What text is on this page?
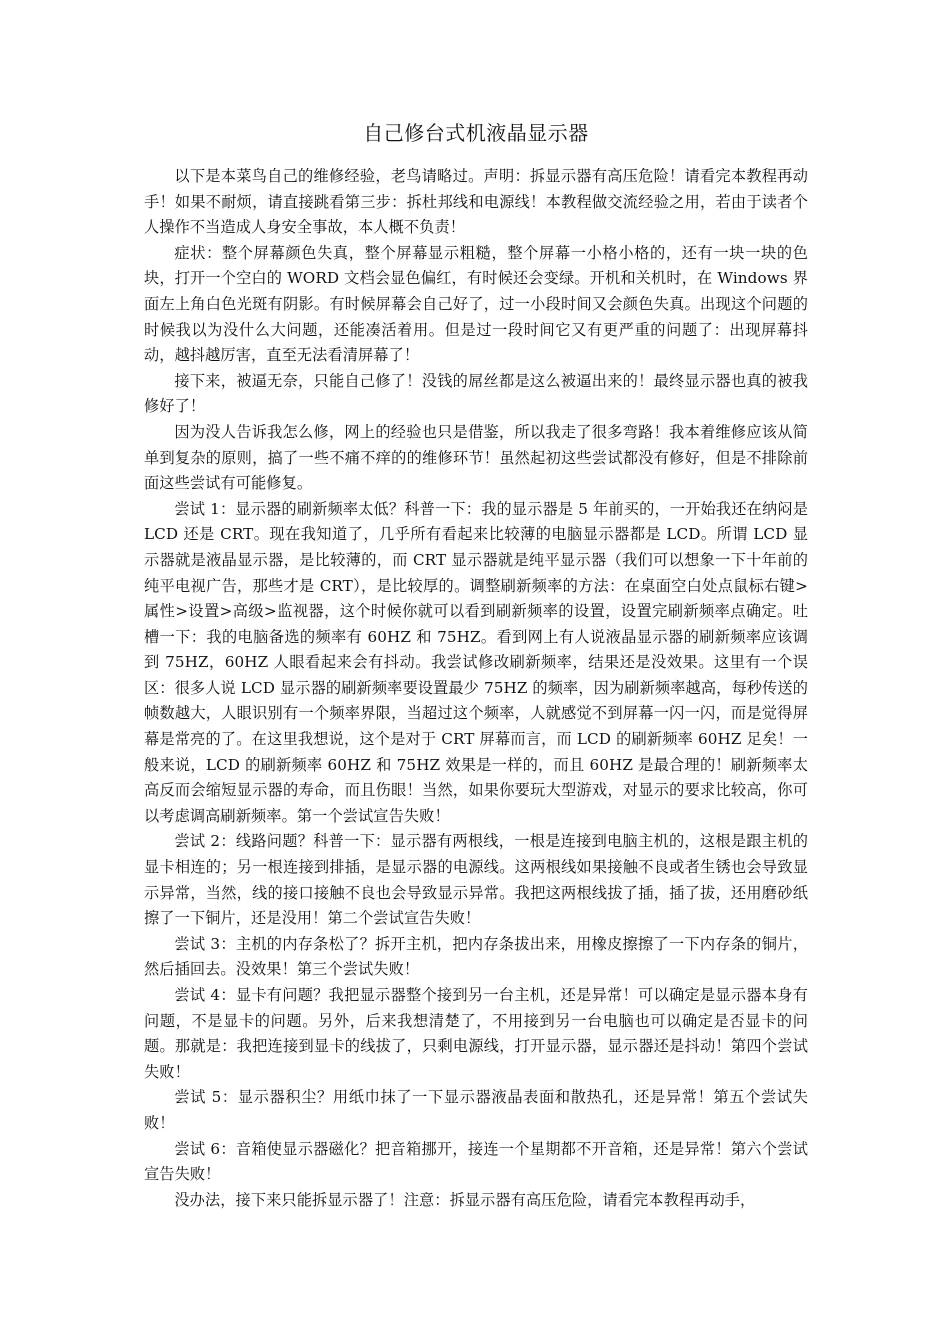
自己修台式机液晶显示器

以下是本菜鸟自己的维修经验，老鸟请略过。声明：拆显示器有高压危险！请看完本教程再动手！如果不耐烦，请直接跳看第三步：拆杜邦线和电源线！本教程做交流经验之用，若由于读者个人操作不当造成人身安全事故，本人概不负责！

症状：整个屏幕颜色失真，整个屏幕显示粗糙，整个屏幕一小格小格的，还有一块一块的色块，打开一个空白的 WORD 文档会显色偏红，有时候还会变绿。开机和关机时，在 Windows 界面左上角白色光斑有阴影。有时候屏幕会自己好了，过一小段时间又会颜色失真。出现这个问题的时候我以为没什么大问题，还能凑活着用。但是过一段时间它又有更严重的问题了：出现屏幕抖动，越抖越厉害，直至无法看清屏幕了！

接下来，被逼无奈，只能自己修了！没钱的屌丝都是这么被逼出来的！最终显示器也真的被我修好了！

因为没人告诉我怎么修，网上的经验也只是借鉴，所以我走了很多弯路！我本着维修应该从简单到复杂的原则，搞了一些不痛不痒的的维修环节！虽然起初这些尝试都没有修好，但是不排除前面这些尝试有可能修复。

尝试 1：显示器的刷新频率太低？科普一下：我的显示器是 5 年前买的，一开始我还在纳闷是 LCD 还是 CRT。现在我知道了，几乎所有看起来比较薄的电脑显示器都是 LCD。所谓 LCD 显示器就是液晶显示器，是比较薄的，而 CRT 显示器就是纯平显示器（我们可以想象一下十年前的纯平电视广告，那些才是 CRT），是比较厚的。调整刷新频率的方法：在桌面空白处点鼠标右键>属性>设置>高级>监视器，这个时候你就可以看到刷新频率的设置，设置完刷新频率点确定。吐槽一下：我的电脑备选的频率有 60HZ 和 75HZ。看到网上有人说液晶显示器的刷新频率应该调到 75HZ，60HZ 人眼看起来会有抖动。我尝试修改刷新频率，结果还是没效果。这里有一个误区：很多人说 LCD 显示器的刷新频率要设置最少 75HZ 的频率，因为刷新频率越高，每秒传送的帧数越大，人眼识别有一个频率界限，当超过这个频率，人就感觉不到屏幕一闪一闪，而是觉得屏幕是常亮的了。在这里我想说，这个是对于 CRT 屏幕而言，而 LCD 的刷新频率 60HZ 足矣！一般来说，LCD 的刷新频率 60HZ 和 75HZ 效果是一样的，而且 60HZ 是最合理的！刷新频率太高反而会缩短显示器的寿命，而且伤眼！当然，如果你要玩大型游戏，对显示的要求比较高，你可以考虑调高刷新频率。第一个尝试宣告失败！

尝试 2：线路问题？科普一下：显示器有两根线，一根是连接到电脑主机的，这根是跟主机的显卡相连的；另一根连接到排插，是显示器的电源线。这两根线如果接触不良或者生锈也会导致显示异常，当然，线的接口接触不良也会导致显示异常。我把这两根线拔了插，插了拔，还用磨砂纸擦了一下铜片，还是没用！第二个尝试宣告失败！

尝试 3：主机的内存条松了？拆开主机，把内存条拔出来，用橡皮擦擦了一下内存条的铜片，然后插回去。没效果！第三个尝试失败！

尝试 4：显卡有问题？我把显示器整个接到另一台主机，还是异常！可以确定是显示器本身有问题，不是显卡的问题。另外，后来我想清楚了，不用接到另一台电脑也可以确定是否显卡的问题。那就是：我把连接到显卡的线拔了，只剩电源线，打开显示器，显示器还是抖动！第四个尝试失败！

尝试 5：显示器积尘？用纸巾抹了一下显示器液晶表面和散热孔，还是异常！第五个尝试失败！

尝试 6：音箱使显示器磁化？把音箱挪开，接连一个星期都不开音箱，还是异常！第六个尝试宣告失败！

没办法，接下来只能拆显示器了！注意：拆显示器有高压危险，请看完本教程再动手，
